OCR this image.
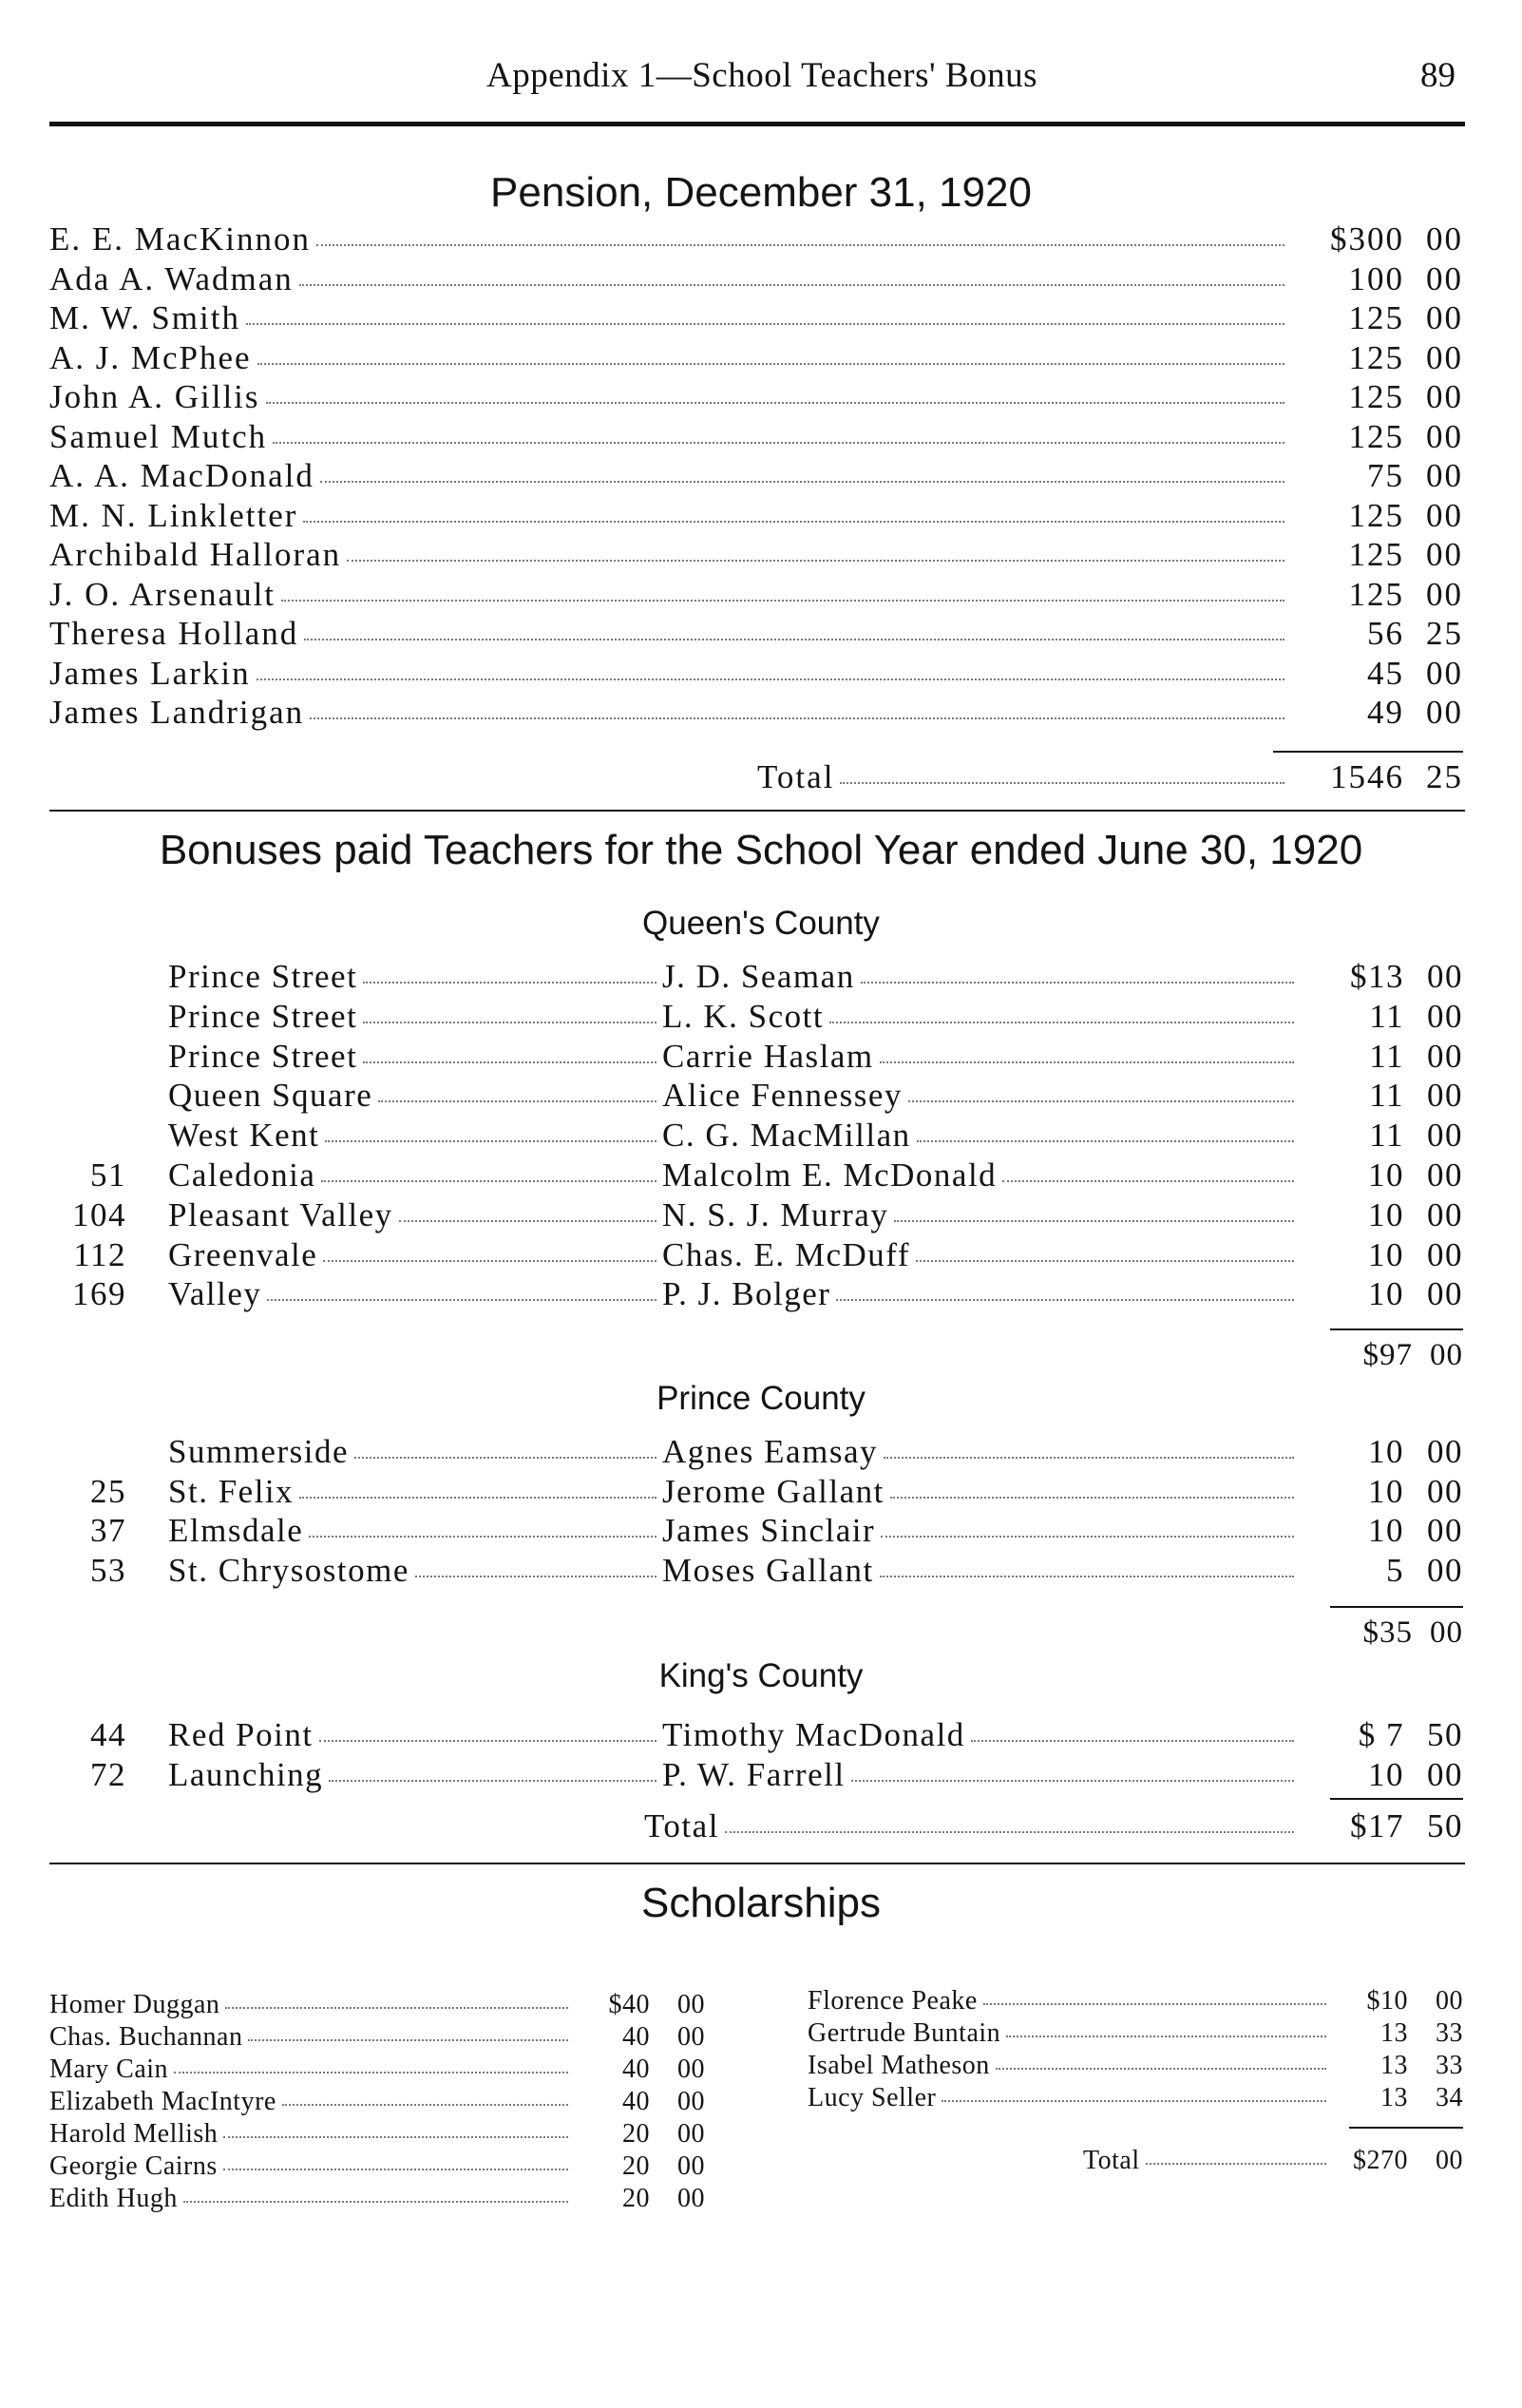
Appendix 1—School Teachers' Bonus	89
Pension, December 31, 1920
E. E. MacKinnon	$300 00
Ada A. Wadman	100 00
M. W. Smith	125 00
A. J. McPhee	125 00
John A. Gillis	125 00
Samuel Mutch	125 00
A. A. MacDonald	75 00
M. N. Linkletter	125 00
Archibald Halloran	125 00
J. O. Arsenault	125 00
Theresa Holland	56 25
James Larkin	45 00
James Landrigan	49 00
Total	1546 25
Bonuses paid Teachers for the School Year ended June 30, 1920
Queen's County
Prince Street	J. D. Seaman	$13 00
Prince Street	L. K. Scott	11 00
Prince Street	Carrie Haslam	11 00
Queen Square	Alice Fennessey	11 00
West Kent	C. G. MacMillan	11 00
51 Caledonia	Malcolm E. McDonald	10 00
104 Pleasant Valley	N. S. J. Murray	10 00
112 Greenvale	Chas. E. McDuff	10 00
169 Valley	P. J. Bolger	10 00
$97 00
Prince County
Summerside	Agnes Eamsay	10 00
25 St. Felix	Jerome Gallant	10 00
37 Elmsdale	James Sinclair	10 00
53 St. Chrysostome	Moses Gallant	5 00
$35 00
King's County
44 Red Point	Timothy MacDonald	$ 7 50
72 Launching	P. W. Farrell	10 00
Total	$17 50
Scholarships
Homer Duggan	$40	00
Chas. Buchannan	40	00
Mary Cain	40	00
Elizabeth MacIntyre	40	00
Harold Mellish	20	00
Georgie Cairns	20	00
Edith Hugh	20	00
Florence Peake	$10	00
Gertrude Buntain	13	33
Isabel Matheson	13	33
Lucy Seller	13	34
Total	$270	00
